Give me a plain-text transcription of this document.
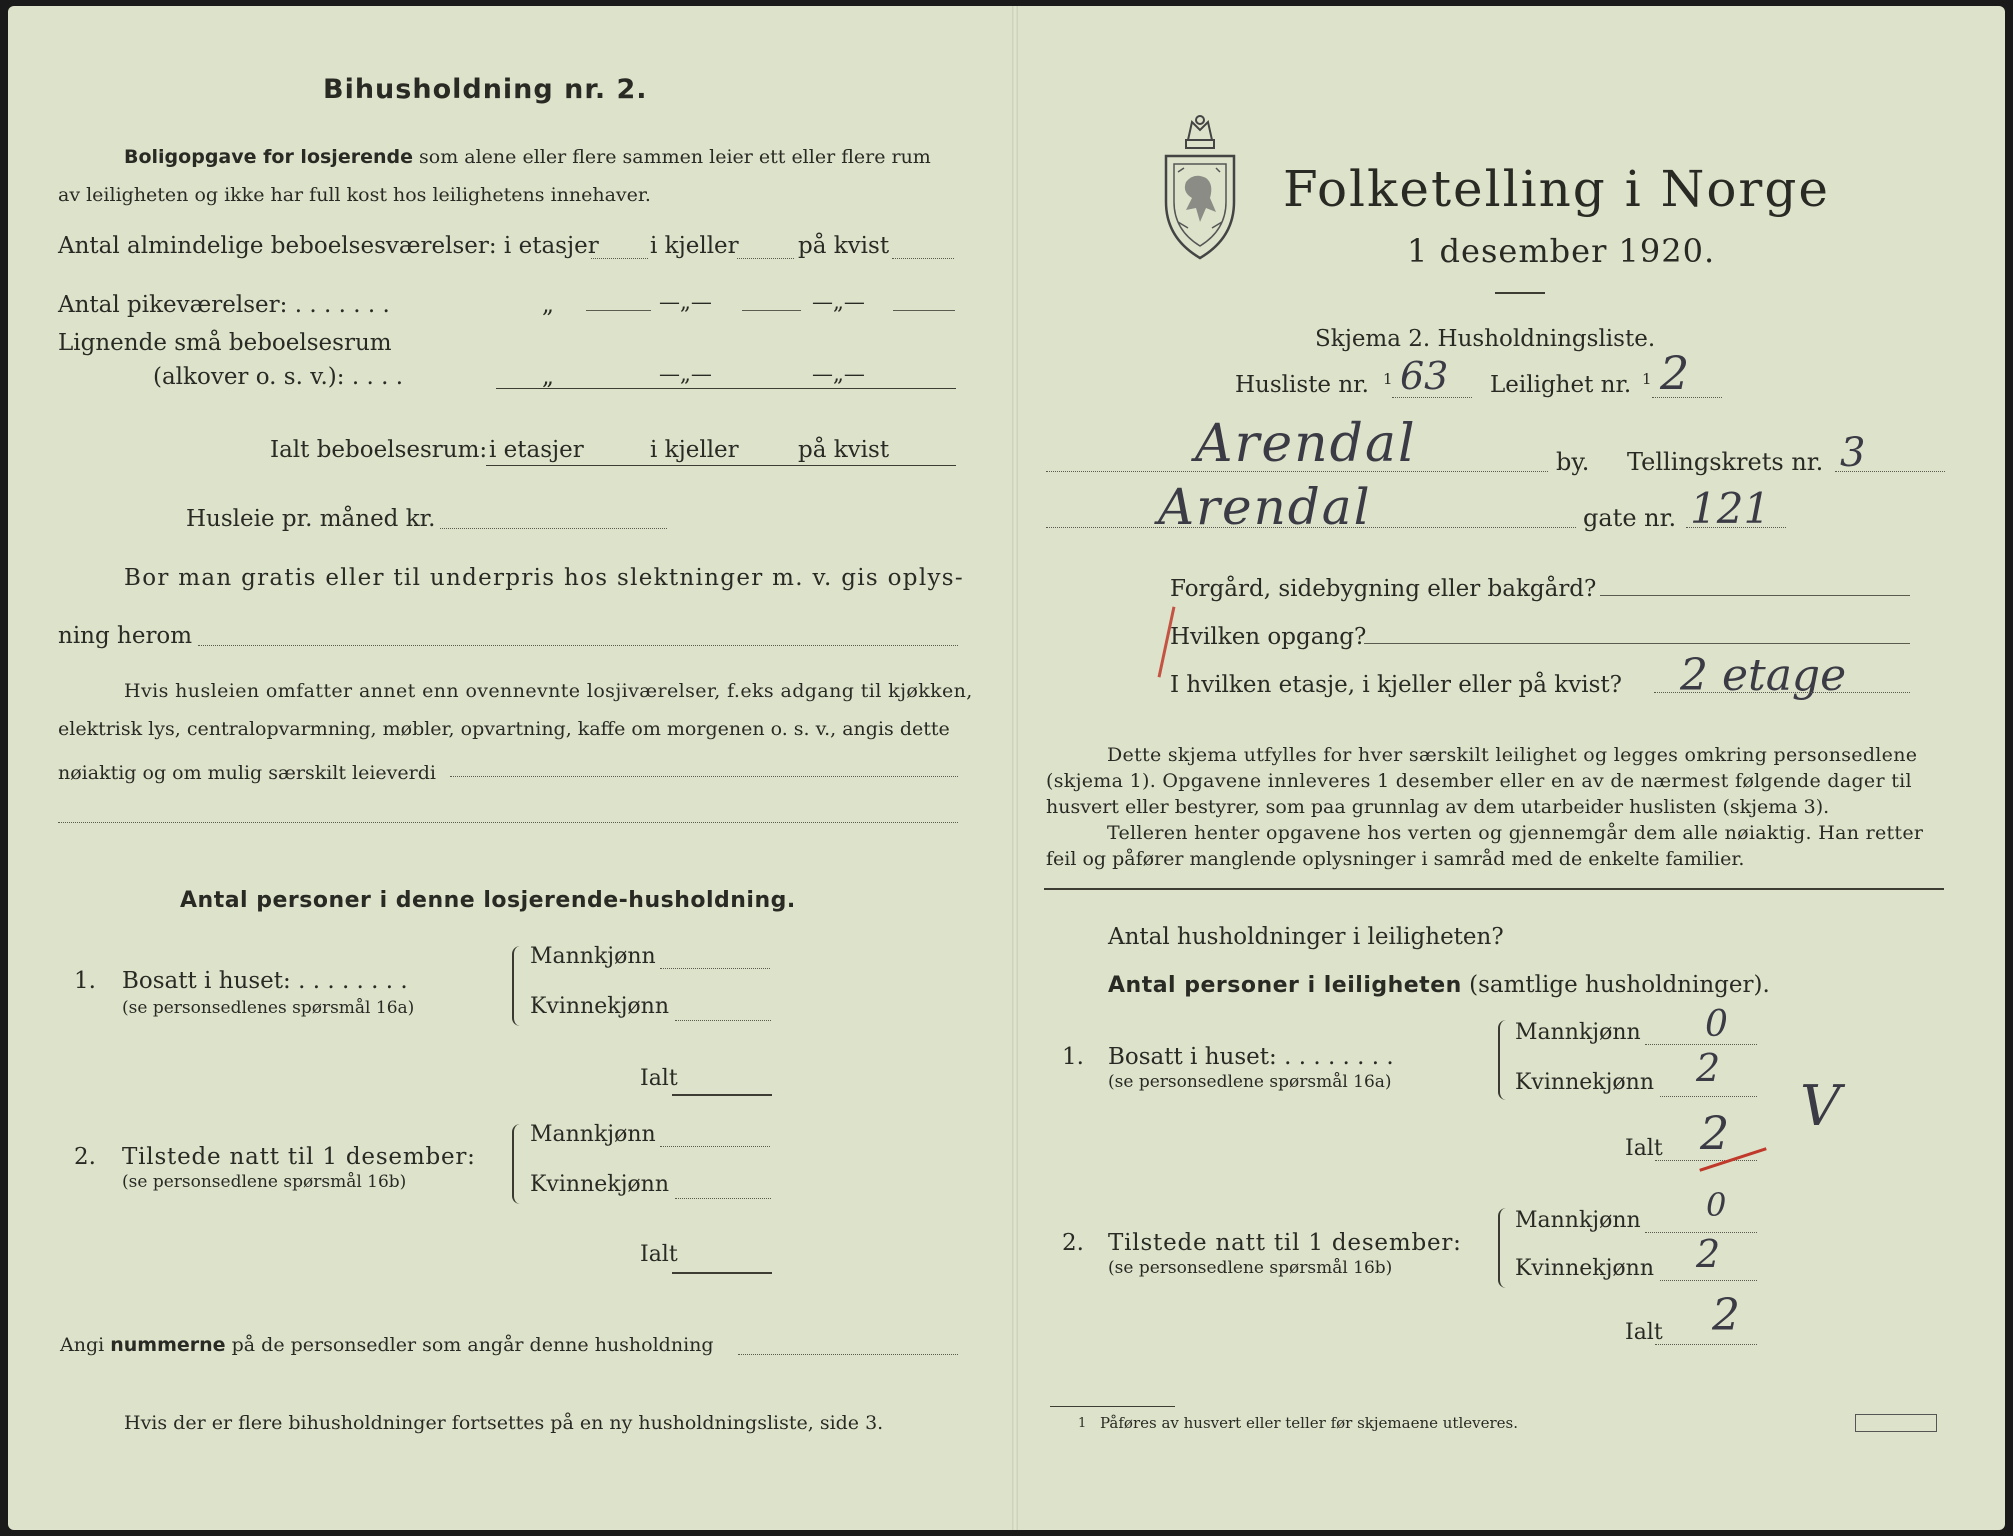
Bihusholdning nr. 2.
Boligopgave for losjerende som alene eller flere sammen leier ett eller flere rum
av leiligheten og ikke har full kost hos leilighetens innehaver.
Antal almindelige beboelsesværelser: i etasjer i kjeller	på kvist
Antal pikeværelser: . . . . . . .	„	—„—	—„—
Lignende små beboelsesrum
(alkover o. s. v.): . . . .	„	—„—	—„—
Ialt beboelsesrum: i etasjer	i kjeller	på kvist
Husleie pr. måned kr.
Bor man gratis eller til underpris hos slektninger m. v. gis oplys-
ning herom
Hvis husleien omfatter annet enn ovennevnte losjiværelser, f.eks adgang til kjøkken,
elektrisk lys, centralopvarmning, møbler, opvartning, kaffe om morgenen o. s. v., angis dette
nøiaktig og om mulig særskilt leieverdi
Antal personer i denne losjerende-husholdning.
1. Bosatt i huset: . . . . . . . .
(se personsedlenes spørsmål 16a)
Mannkjønn
Kvinnekjønn
Ialt
2. Tilstede natt til 1 desember:
(se personsedlene spørsmål 16b)
Mannkjønn
Kvinnekjønn
Ialt
Angi nummerne på de personsedler som angår denne husholdning
Hvis der er flere bihusholdninger fortsettes på en ny husholdningsliste, side 3.
Folketelling i Norge
1 desember 1920.
Skjema 2. Husholdningsliste.
Husliste nr. 1 63 Leilighet nr. 1 2
Arendal	by. Tellingskrets nr. 3
Arendal	gate nr. 121
Forgård, sidebygning eller bakgård?
Hvilken opgang?
I hvilken etasje, i kjeller eller på kvist? 2 etage
Dette skjema utfylles for hver særskilt leilighet og legges omkring personsedlene
(skjema 1). Opgavene innleveres 1 desember eller en av de nærmest følgende dager til
husvert eller bestyrer, som paa grunnlag av dem utarbeider huslisten (skjema 3).
Telleren henter opgavene hos verten og gjennemgår dem alle nøiaktig. Han retter
feil og påfører manglende oplysninger i samråd med de enkelte familier.
Antal husholdninger i leiligheten?
Antal personer i leiligheten (samtlige husholdninger).
1. Bosatt i huset: . . . . . . . .
(se personsedlene spørsmål 16a)
Mannkjønn 0
Kvinnekjønn 2
Ialt 2 V
2. Tilstede natt til 1 desember:
(se personsedlene spørsmål 16b)
Mannkjønn 0
Kvinnekjønn 2
Ialt 2
1 Påføres av husvert eller teller før skjemaene utleveres.
